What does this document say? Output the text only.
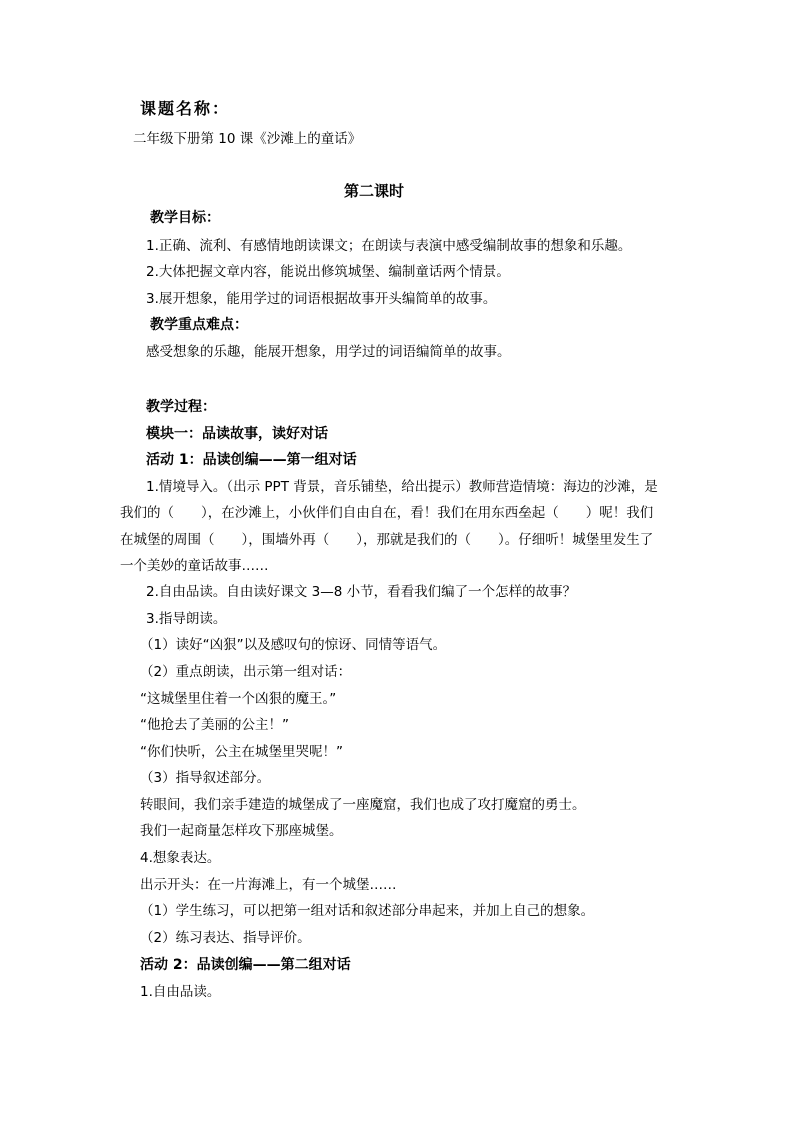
课题名称：
二年级下册第 10 课《沙滩上的童话》
第二课时
教学目标：
1.正确、流利、有感情地朗读课文；在朗读与表演中感受编制故事的想象和乐趣。
2.大体把握文章内容，能说出修筑城堡、编制童话两个情景。
3.展开想象，能用学过的词语根据故事开头编简单的故事。
教学重点难点：
感受想象的乐趣，能展开想象，用学过的词语编简单的故事。
教学过程：
模块一：品读故事，读好对话
活动 1：品读创编——第一组对话
1.情境导入。（出示 PPT 背景，音乐铺垫，给出提示）教师营造情境：海边的沙滩，是
我们的（　　），在沙滩上，小伙伴们自由自在，看！我们在用东西垒起（　　）呢！我们
在城堡的周围（　　），围墙外再（　　），那就是我们的（　　）。仔细听！城堡里发生了
一个美妙的童话故事……
2.自由品读。自由读好课文 3—8 小节，看看我们编了一个怎样的故事？
3.指导朗读。
（1）读好“凶狠”以及感叹句的惊讶、同情等语气。
（2）重点朗读，出示第一组对话：
“这城堡里住着一个凶狠的魔王。”
“他抢去了美丽的公主！”
“你们快听，公主在城堡里哭呢！”
（3）指导叙述部分。
转眼间，我们亲手建造的城堡成了一座魔窟，我们也成了攻打魔窟的勇士。
我们一起商量怎样攻下那座城堡。
4.想象表达。
出示开头：在一片海滩上，有一个城堡……
（1）学生练习，可以把第一组对话和叙述部分串起来，并加上自己的想象。
（2）练习表达、指导评价。
活动 2：品读创编——第二组对话
1.自由品读。
